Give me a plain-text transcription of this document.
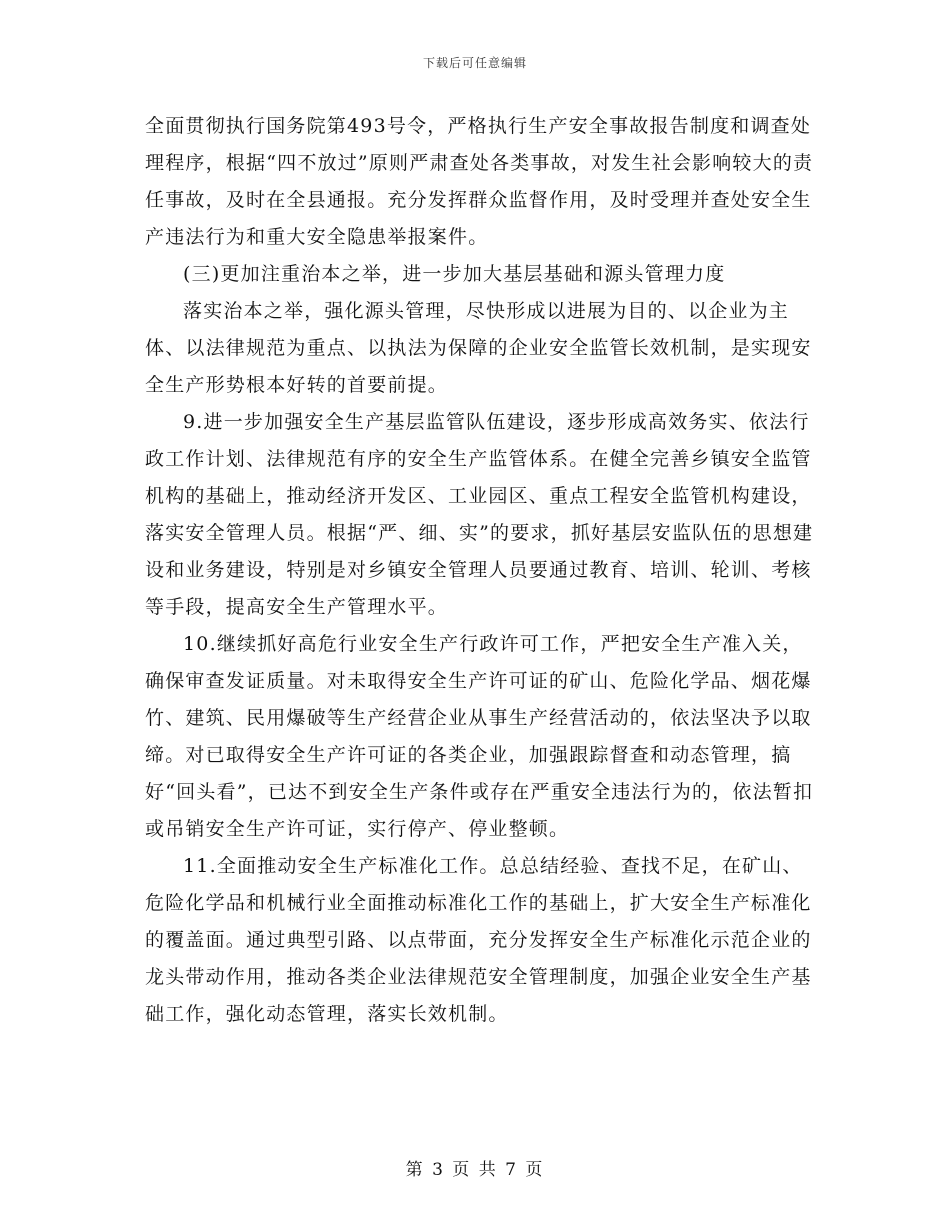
下载后可任意编辑

全面贯彻执行国务院第493号令，严格执行生产安全事故报告制度和调查处理程序，根据“四不放过”原则严肃查处各类事故，对发生社会影响较大的责任事故，及时在全县通报。充分发挥群众监督作用，及时受理并查处安全生产违法行为和重大安全隐患举报案件。

(三)更加注重治本之举，进一步加大基层基础和源头管理力度

落实治本之举，强化源头管理，尽快形成以进展为目的、以企业为主体、以法律规范为重点、以执法为保障的企业安全监管长效机制，是实现安全生产形势根本好转的首要前提。

9.进一步加强安全生产基层监管队伍建设，逐步形成高效务实、依法行政工作计划、法律规范有序的安全生产监管体系。在健全完善乡镇安全监管机构的基础上，推动经济开发区、工业园区、重点工程安全监管机构建设，落实安全管理人员。根据“严、细、实”的要求，抓好基层安监队伍的思想建设和业务建设，特别是对乡镇安全管理人员要通过教育、培训、轮训、考核等手段，提高安全生产管理水平。

10.继续抓好高危行业安全生产行政许可工作，严把安全生产准入关，确保审查发证质量。对未取得安全生产许可证的矿山、危险化学品、烟花爆竹、建筑、民用爆破等生产经营企业从事生产经营活动的，依法坚决予以取缔。对已取得安全生产许可证的各类企业，加强跟踪督查和动态管理，搞好“回头看”，已达不到安全生产条件或存在严重安全违法行为的，依法暂扣或吊销安全生产许可证，实行停产、停业整顿。

11.全面推动安全生产标准化工作。总总结经验、查找不足，在矿山、危险化学品和机械行业全面推动标准化工作的基础上，扩大安全生产标准化的覆盖面。通过典型引路、以点带面，充分发挥安全生产标准化示范企业的龙头带动作用，推动各类企业法律规范安全管理制度，加强企业安全生产基础工作，强化动态管理，落实长效机制。

第 3 页 共 7 页
